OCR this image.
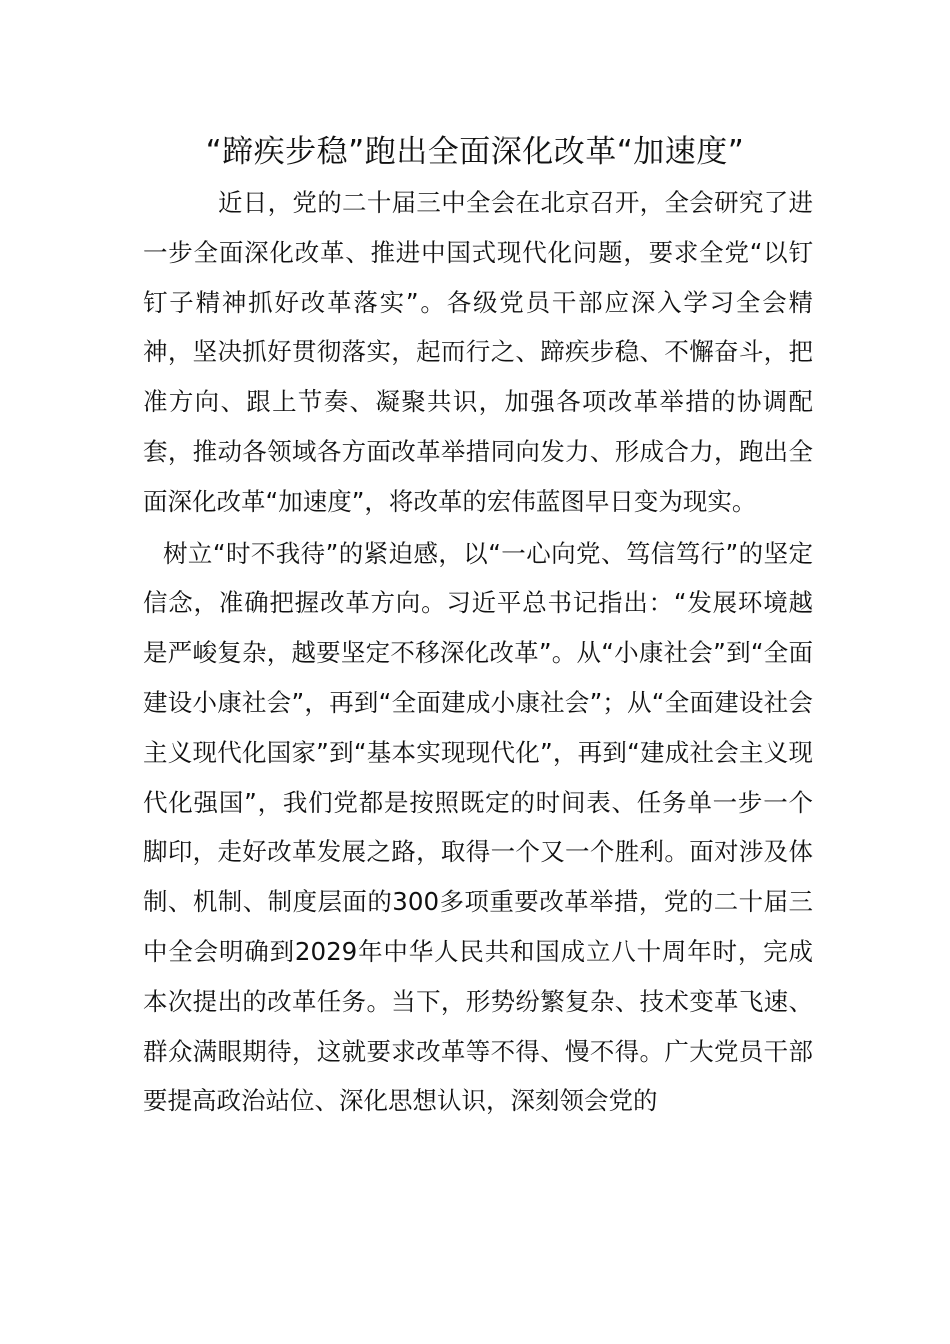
“蹄疾步稳”跑出全面深化改革“加速度”

近日，党的二十届三中全会在北京召开，全会研究了进一步全面深化改革、推进中国式现代化问题，要求全党“以钉钉子精神抓好改革落实”。各级党员干部应深入学习全会精神，坚决抓好贯彻落实，起而行之、蹄疾步稳、不懈奋斗，把准方向、跟上节奏、凝聚共识，加强各项改革举措的协调配套，推动各领域各方面改革举措同向发力、形成合力，跑出全面深化改革“加速度”，将改革的宏伟蓝图早日变为现实。

树立“时不我待”的紧迫感，以“一心向党、笃信笃行”的坚定信念，准确把握改革方向。习近平总书记指出：“发展环境越是严峻复杂，越要坚定不移深化改革”。从“小康社会”到“全面建设小康社会”，再到“全面建成小康社会”；从“全面建设社会主义现代化国家”到“基本实现现代化”，再到“建成社会主义现代化强国”，我们党都是按照既定的时间表、任务单一步一个脚印，走好改革发展之路，取得一个又一个胜利。面对涉及体制、机制、制度层面的300多项重要改革举措，党的二十届三中全会明确到2029年中华人民共和国成立八十周年时，完成本次提出的改革任务。当下，形势纷繁复杂、技术变革飞速、群众满眼期待，这就要求改革等不得、慢不得。广大党员干部要提高政治站位、深化思想认识，深刻领会党的
